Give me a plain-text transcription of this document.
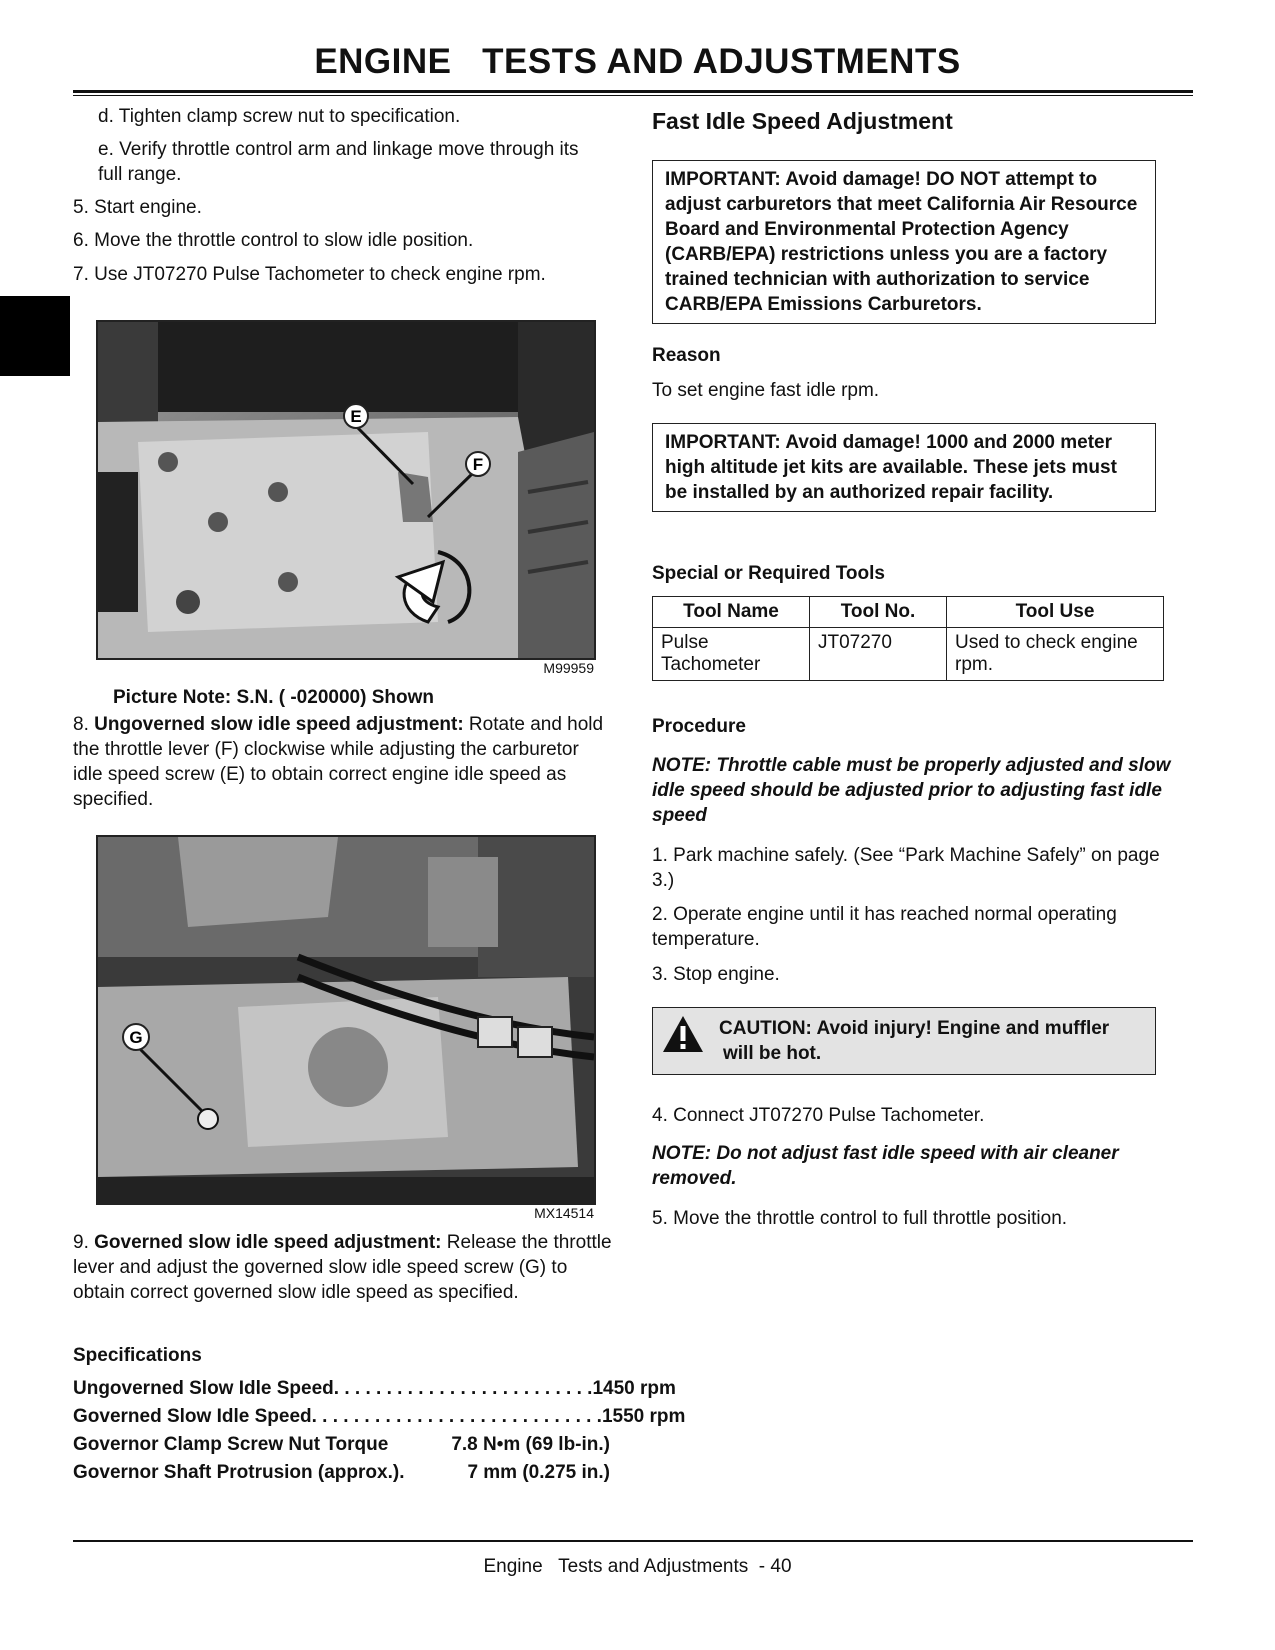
ENGINE   TESTS AND ADJUSTMENTS
d. Tighten clamp screw nut to specification.
e. Verify throttle control arm and linkage move through its full range.
5. Start engine.
6. Move the throttle control to slow idle position.
7. Use JT07270 Pulse Tachometer to check engine rpm.
E
F
M99959
Picture Note: S.N. ( -020000) Shown
8. Ungoverned slow idle speed adjustment: Rotate and hold the throttle lever (F) clockwise while adjusting the carburetor idle speed screw (E) to obtain correct engine idle speed as specified.
G
MX14514
9. Governed slow idle speed adjustment: Release the throttle lever and adjust the governed slow idle speed screw (G) to obtain correct governed slow idle speed as specified.
Specifications
Ungoverned Slow Idle Speed . . . . . . . . . . . . . . . . . . . . . . . . . 1450 rpm
Governed Slow Idle Speed . . . . . . . . . . . . . . . . . . . . . . . . . . . . 1550 rpm
Governor Clamp Screw Nut Torque	7.8 N•m (69 lb-in.)
Governor Shaft Protrusion (approx.) .	7 mm (0.275 in.)
Fast Idle Speed Adjustment
IMPORTANT: Avoid damage! DO NOT attempt to adjust carburetors that meet California Air Resource Board and Environmental Protection Agency (CARB/EPA) restrictions unless you are a factory trained technician with authorization to service CARB/EPA Emissions Carburetors.
Reason
To set engine fast idle rpm.
IMPORTANT: Avoid damage! 1000 and 2000 meter high altitude jet kits are available. These jets must be installed by an authorized repair facility.
Special or Required Tools
Tool Name	Tool No.	Tool Use
Pulse Tachometer	JT07270	Used to check engine rpm.
Procedure
NOTE: Throttle cable must be properly adjusted and slow idle speed should be adjusted prior to adjusting fast idle speed
1. Park machine safely. (See “Park Machine Safely” on page 3.)
2. Operate engine until it has reached normal operating temperature.
3. Stop engine.
CAUTION: Avoid injury! Engine and muffler
will be hot.
4. Connect JT07270 Pulse Tachometer.
NOTE: Do not adjust fast idle speed with air cleaner removed.
5. Move the throttle control to full throttle position.
Engine   Tests and Adjustments  - 40
